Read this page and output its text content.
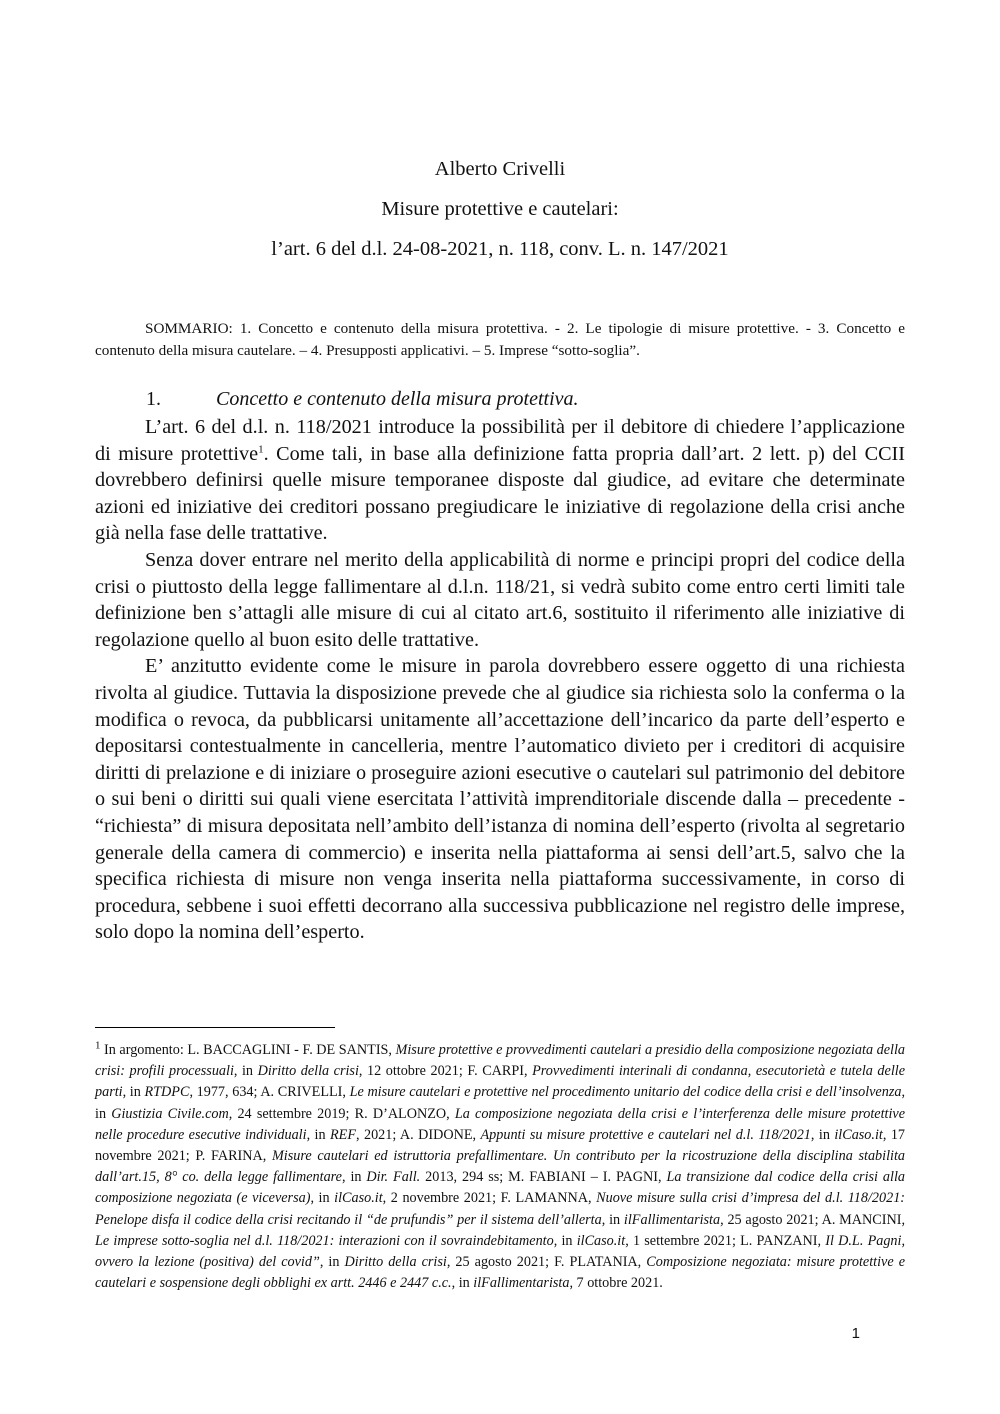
Alberto Crivelli
Misure protettive e cautelari:
l’art. 6 del d.l. 24-08-2021, n. 118, conv. L. n. 147/2021
SOMMARIO: 1. Concetto e contenuto della misura protettiva. - 2. Le tipologie di misure protettive. - 3. Concetto e contenuto della misura cautelare. – 4. Presupposti applicativi. – 5. Imprese “sotto-soglia”.
1.	Concetto e contenuto della misura protettiva.

L’art. 6 del d.l. n. 118/2021 introduce la possibilità per il debitore di chiedere l’applicazione di misure protettive$^1$. Come tali, in base alla definizione fatta propria dall’art. 2 lett. p) del CCII dovrebbero definirsi quelle misure temporanee disposte dal giudice, ad evitare che determinate azioni ed iniziative dei creditori possano pregiudicare le iniziative di regolazione della crisi anche già nella fase delle trattative.

Senza dover entrare nel merito della applicabilità di norme e principi propri del codice della crisi o piuttosto della legge fallimentare al d.l.n. 118/21, si vedrà subito come entro certi limiti tale definizione ben s’attagli alle misure di cui al citato art.6, sostituito il riferimento alle iniziative di regolazione quello al buon esito delle trattative.

E’ anzitutto evidente come le misure in parola dovrebbero essere oggetto di una richiesta rivolta al giudice. Tuttavia la disposizione prevede che al giudice sia richiesta solo la conferma o la modifica o revoca, da pubblicarsi unitamente all’accettazione dell’incarico da parte dell’esperto e depositarsi contestualmente in cancelleria, mentre l’automatico divieto per i creditori di acquisire diritti di prelazione e di iniziare o proseguire azioni esecutive o cautelari sul patrimonio del debitore o sui beni o diritti sui quali viene esercitata l’attività imprenditoriale discende dalla – precedente - “richiesta” di misura depositata nell’ambito dell’istanza di nomina dell’esperto (rivolta al segretario generale della camera di commercio) e inserita nella piattaforma ai sensi dell’art.5, salvo che la specifica richiesta di misure non venga inserita nella piattaforma successivamente, in corso di procedura, sebbene i suoi effetti decorrano alla successiva pubblicazione nel registro delle imprese, solo dopo la nomina dell’esperto.

$^1$ In argomento: L. BACCAGLINI - F. DE SANTIS, Misure protettive e provvedimenti cautelari a presidio della composizione negoziata della crisi: profili processuali, in Diritto della crisi, 12 ottobre 2021; F. CARPI, Provvedimenti interinali di condanna, esecutorietà e tutela delle parti, in RTDPC, 1977, 634; A. CRIVELLI, Le misure cautelari e protettive nel procedimento unitario del codice della crisi e dell’insolvenza, in Giustizia Civile.com, 24 settembre 2019; R. D’ALONZO, La composizione negoziata della crisi e l’interferenza delle misure protettive nelle procedure esecutive individuali, in REF, 2021; A. DIDONE, Appunti su misure protettive e cautelari nel d.l. 118/2021, in ilCaso.it, 17 novembre 2021; P. FARINA, Misure cautelari ed istruttoria prefallimentare. Un contributo per la ricostruzione della disciplina stabilita dall’art.15, 8° co. della legge fallimentare, in Dir. Fall. 2013, 294 ss; M. FABIANI – I. PAGNI, La transizione dal codice della crisi alla composizione negoziata (e viceversa), in ilCaso.it, 2 novembre 2021; F. LAMANNA, Nuove misure sulla crisi d’impresa del d.l. 118/2021: Penelope disfa il codice della crisi recitando il “de prufundis” per il sistema dell’allerta, in ilFallimentarista, 25 agosto 2021; A. MANCINI, Le imprese sotto-soglia nel d.l. 118/2021: interazioni con il sovraindebitamento, in ilCaso.it, 1 settembre 2021; L. PANZANI, Il D.L. Pagni, ovvero la lezione (positiva) del covid”, in Diritto della crisi, 25 agosto 2021; F. PLATANIA, Composizione negoziata: misure protettive e cautelari e sospensione degli obblighi ex artt. 2446 e 2447 c.c., in ilFallimentarista, 7 ottobre 2021.
1
